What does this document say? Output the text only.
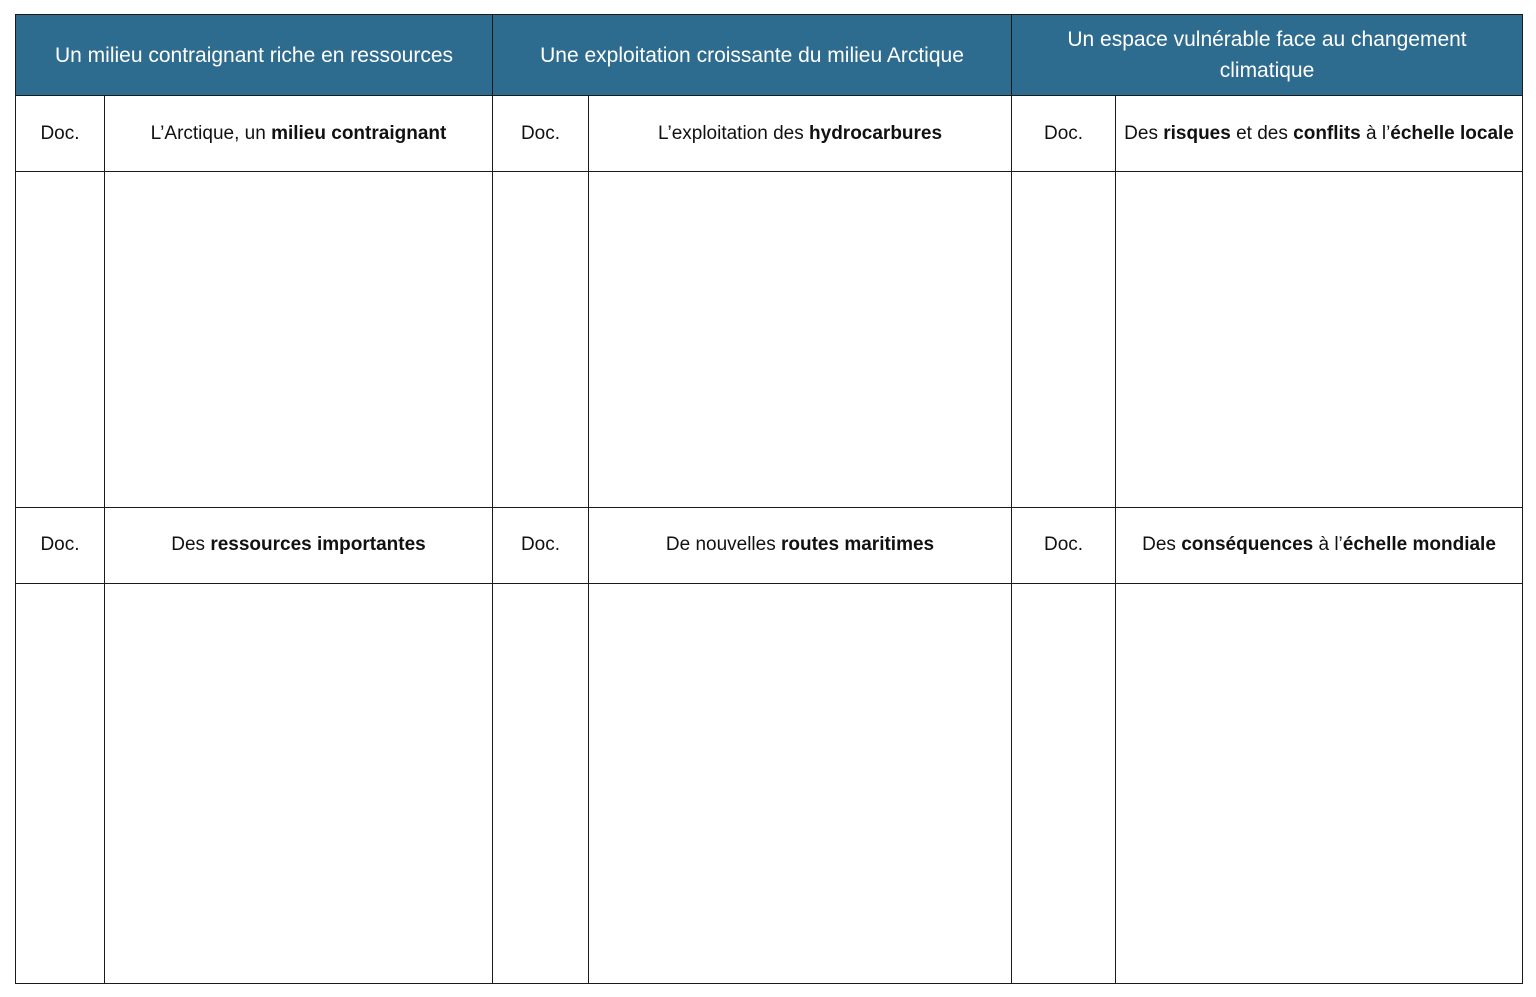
Un milieu contraignant riche en ressources		Une exploitation croissante du milieu Arctique		Un espace vulnérable face au changement climatique	
Doc.	L’Arctique, un milieu contraignant	Doc.	L’exploitation des hydrocarbures	Doc.	Des risques et des conflits à l’échelle locale

Doc.	Des ressources importantes	Doc.	De nouvelles routes maritimes	Doc.	Des conséquences à l’échelle mondiale
